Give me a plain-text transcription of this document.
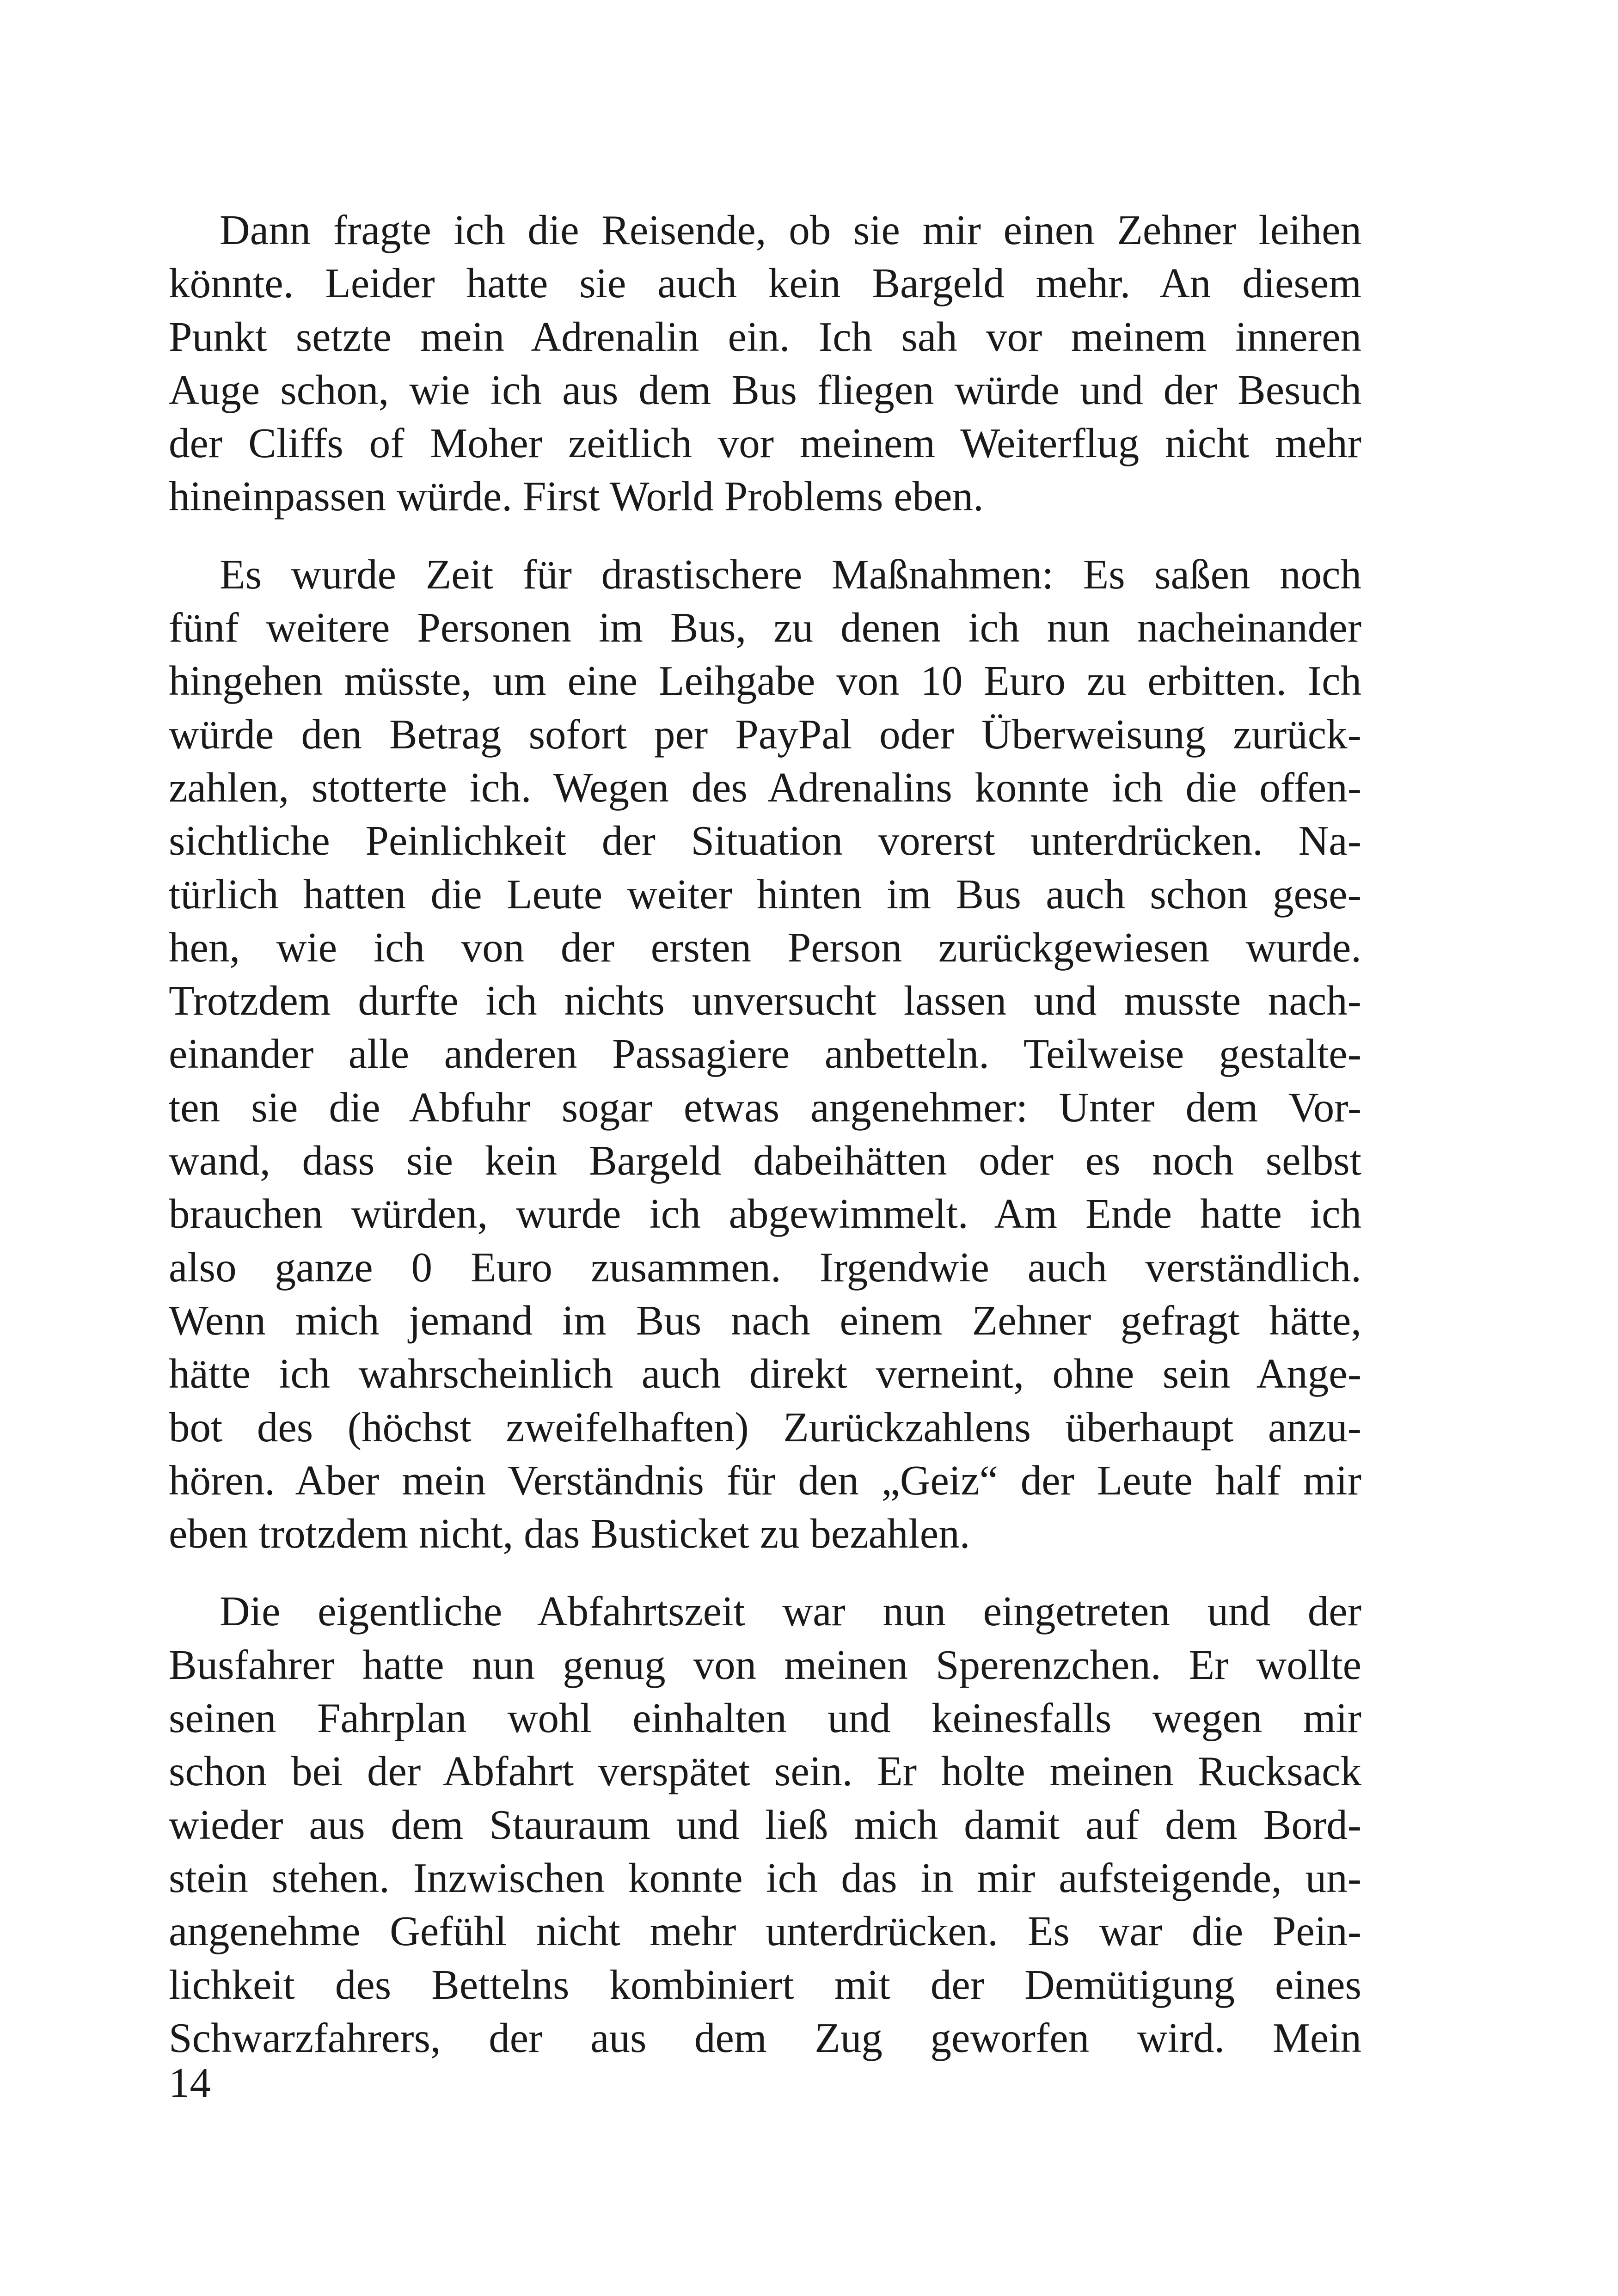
Dann fragte ich die Reisende, ob sie mir einen Zehner leihen
könnte. Leider hatte sie auch kein Bargeld mehr. An diesem
Punkt setzte mein Adrenalin ein. Ich sah vor meinem inneren
Auge schon, wie ich aus dem Bus fliegen würde und der Besuch
der Cliffs of Moher zeitlich vor meinem Weiterflug nicht mehr
hineinpassen würde. First World Problems eben.
Es wurde Zeit für drastischere Maßnahmen: Es saßen noch
fünf weitere Personen im Bus, zu denen ich nun nacheinander
hingehen müsste, um eine Leihgabe von 10 Euro zu erbitten. Ich
würde den Betrag sofort per PayPal oder Überweisung zurück-
zahlen, stotterte ich. Wegen des Adrenalins konnte ich die offen-
sichtliche Peinlichkeit der Situation vorerst unterdrücken. Na-
türlich hatten die Leute weiter hinten im Bus auch schon gese-
hen, wie ich von der ersten Person zurückgewiesen wurde.
Trotzdem durfte ich nichts unversucht lassen und musste nach-
einander alle anderen Passagiere anbetteln. Teilweise gestalte-
ten sie die Abfuhr sogar etwas angenehmer: Unter dem Vor-
wand, dass sie kein Bargeld dabeihätten oder es noch selbst
brauchen würden, wurde ich abgewimmelt. Am Ende hatte ich
also ganze 0 Euro zusammen. Irgendwie auch verständlich.
Wenn mich jemand im Bus nach einem Zehner gefragt hätte,
hätte ich wahrscheinlich auch direkt verneint, ohne sein Ange-
bot des (höchst zweifelhaften) Zurückzahlens überhaupt anzu-
hören. Aber mein Verständnis für den „Geiz“ der Leute half mir
eben trotzdem nicht, das Busticket zu bezahlen.
Die eigentliche Abfahrtszeit war nun eingetreten und der
Busfahrer hatte nun genug von meinen Sperenzchen. Er wollte
seinen Fahrplan wohl einhalten und keinesfalls wegen mir
schon bei der Abfahrt verspätet sein. Er holte meinen Rucksack
wieder aus dem Stauraum und ließ mich damit auf dem Bord-
stein stehen. Inzwischen konnte ich das in mir aufsteigende, un-
angenehme Gefühl nicht mehr unterdrücken. Es war die Pein-
lichkeit des Bettelns kombiniert mit der Demütigung eines
Schwarzfahrers, der aus dem Zug geworfen wird. Mein
14
